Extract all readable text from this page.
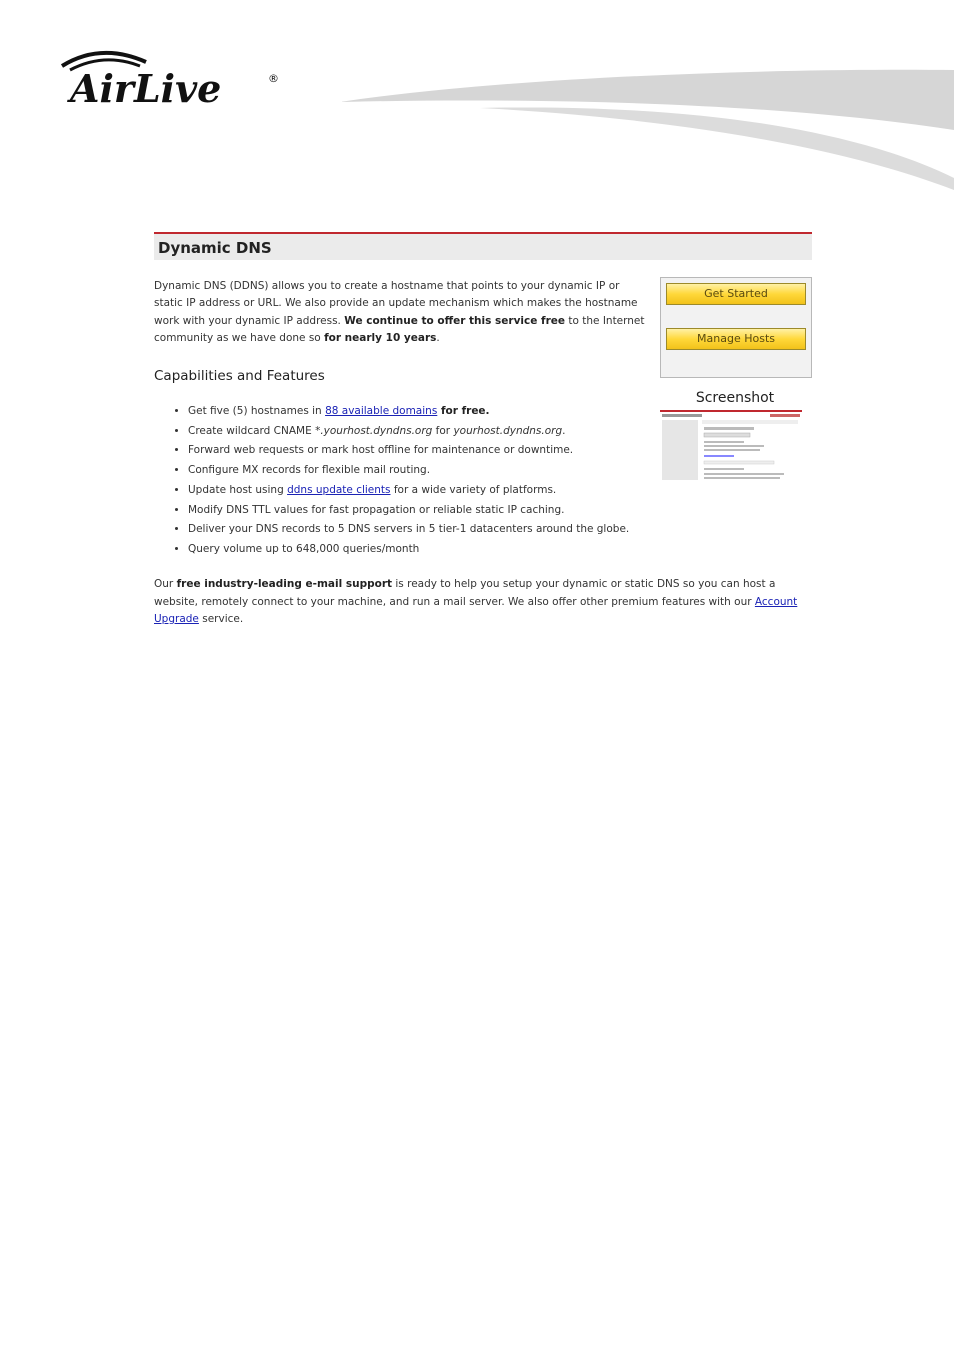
AirLive	®
Dynamic DNS

Dynamic DNS (DDNS) allows you to create a hostname that points to your dynamic IP or static IP address or URL. We also provide an update mechanism which makes the hostname work with your dynamic IP address. We continue to offer this service free to the Internet community as we have done so for nearly 10 years.

Get Started
Manage Hosts
Screenshot
Capabilities and Features
• Get five (5) hostnames in 88 available domains for free.
• Create wildcard CNAME *.yourhost.dyndns.org for yourhost.dyndns.org.
• Forward web requests or mark host offline for maintenance or downtime.
• Configure MX records for flexible mail routing.
• Update host using ddns update clients for a wide variety of platforms.
• Modify DNS TTL values for fast propagation or reliable static IP caching.
• Deliver your DNS records to 5 DNS servers in 5 tier-1 datacenters around the globe.
• Query volume up to 648,000 queries/month

Our free industry-leading e-mail support is ready to help you setup your dynamic or static DNS so you can host a website, remotely connect to your machine, and run a mail server. We also offer other premium features with our Account Upgrade service.
